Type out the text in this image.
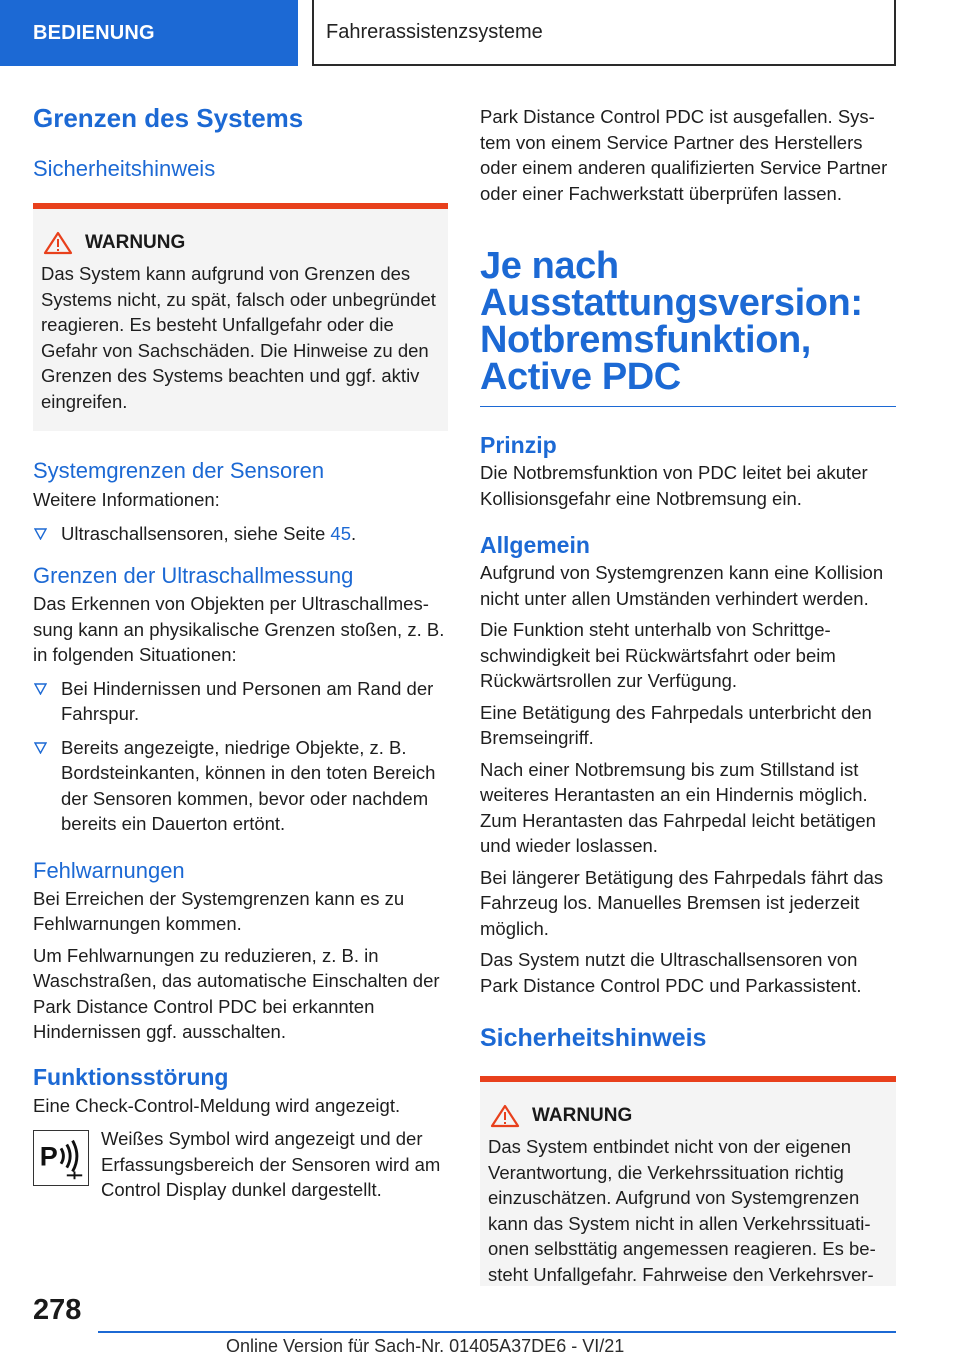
BEDIENUNG	Fahrerassistenzsysteme
Grenzen des Systems
Sicherheitshinweis
WARNUNG

Das System kann aufgrund von Grenzen des Systems nicht, zu spät, falsch oder unbegründet reagieren. Es besteht Unfallgefahr oder die Gefahr von Sachschäden. Die Hinweise zu den Grenzen des Systems beachten und ggf. aktiv eingreifen.

Systemgrenzen der Sensoren

Weitere Informationen:

Ultraschallsensoren, siehe Seite 45.
Grenzen der Ultraschallmessung

Das Erkennen von Objekten per Ultraschallmessung kann an physikalische Grenzen stoßen, z. B. in folgenden Situationen:

Bei Hindernissen und Personen am Rand der Fahrspur.
Bereits angezeigte, niedrige Objekte, z. B. Bordsteinkanten, können in den toten Bereich der Sensoren kommen, bevor oder nachdem bereits ein Dauerton ertönt.
Fehlwarnungen

Bei Erreichen der Systemgrenzen kann es zu Fehlwarnungen kommen.

Um Fehlwarnungen zu reduzieren, z. B. in Waschstraßen, das automatische Einschalten der Park Distance Control PDC bei erkannten Hindernissen ggf. ausschalten.

Funktionsstörung

Eine Check-Control-Meldung wird angezeigt.

P

Weißes Symbol wird angezeigt und der Erfassungsbereich der Sensoren wird am Control Display dunkel dargestellt.

Park Distance Control PDC ist ausgefallen. System von einem Service Partner des Herstellers oder einem anderen qualifizierten Service Partner oder einer Fachwerkstatt überprüfen lassen.

Je nach
Ausstattungsversion:
Notbremsfunktion,
Active PDC
Prinzip

Die Notbremsfunktion von PDC leitet bei akuter Kollisionsgefahr eine Notbremsung ein.

Allgemein

Aufgrund von Systemgrenzen kann eine Kollision nicht unter allen Umständen verhindert werden.

Die Funktion steht unterhalb von Schrittgeschwindigkeit bei Rückwärtsfahrt oder beim Rückwärtsrollen zur Verfügung.

Eine Betätigung des Fahrpedals unterbricht den Bremseingriff.

Nach einer Notbremsung bis zum Stillstand ist weiteres Herantasten an ein Hindernis möglich. Zum Herantasten das Fahrpedal leicht betätigen und wieder loslassen.

Bei längerer Betätigung des Fahrpedals fährt das Fahrzeug los. Manuelles Bremsen ist jederzeit möglich.

Das System nutzt die Ultraschallsensoren von Park Distance Control PDC und Parkassistent.

Sicherheitshinweis
WARNUNG

Das System entbindet nicht von der eigenen Verantwortung, die Verkehrssituation richtig einzuschätzen. Aufgrund von Systemgrenzen kann das System nicht in allen Verkehrssituationen selbsttätig angemessen reagieren. Es besteht Unfallgefahr. Fahrweise den Verkehrsver-

278
Online Version für Sach-Nr. 01405A37DE6 - VI/21
